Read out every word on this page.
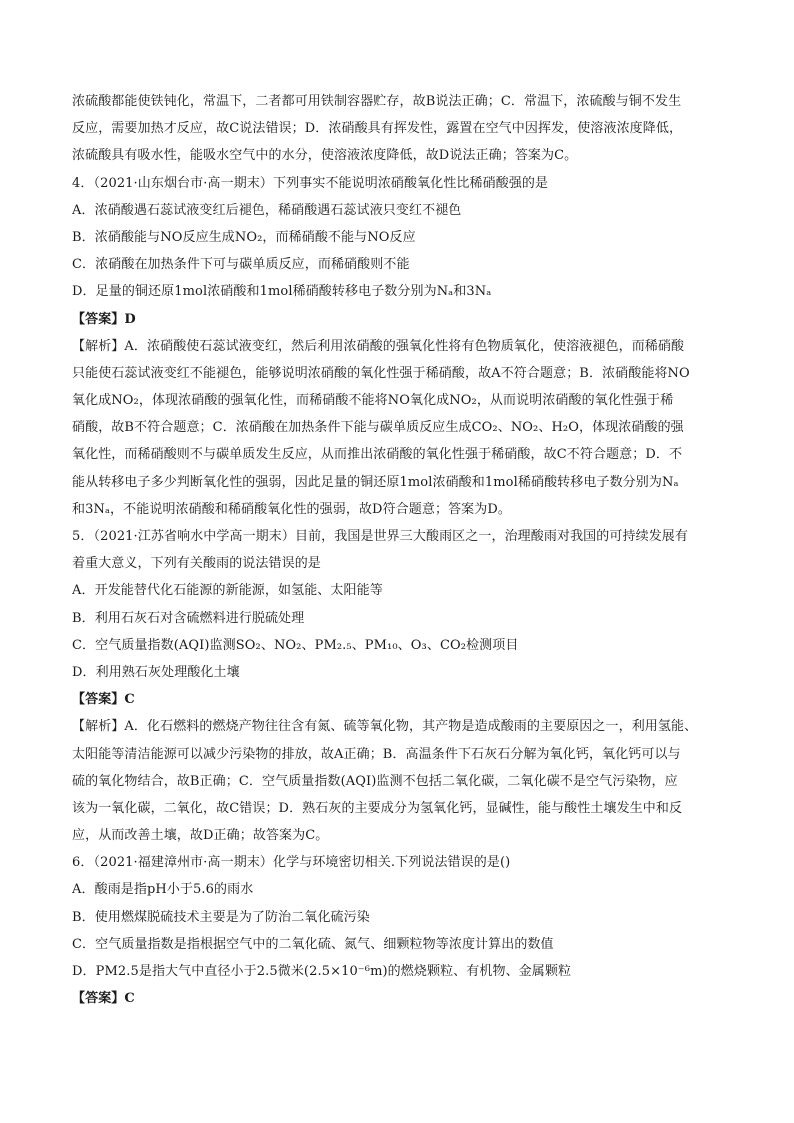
浓硫酸都能使铁钝化，常温下，二者都可用铁制容器贮存，故B说法正确；C．常温下，浓硫酸与铜不发生
反应，需要加热才反应，故C说法错误；D．浓硝酸具有挥发性，露置在空气中因挥发，使溶液浓度降低，
浓硫酸具有吸水性，能吸水空气中的水分，使溶液浓度降低，故D说法正确；答案为C。
4．（2021·山东烟台市·高一期末）下列事实不能说明浓硝酸氧化性比稀硝酸强的是
A．浓硝酸遇石蕊试液变红后褪色，稀硝酸遇石蕊试液只变红不褪色
B．浓硝酸能与NO反应生成NO₂，而稀硝酸不能与NO反应
C．浓硝酸在加热条件下可与碳单质反应，而稀硝酸则不能
D．足量的铜还原1mol浓硝酸和1mol稀硝酸转移电子数分别为Nₐ和3Nₐ
【答案】D
【解析】A．浓硝酸使石蕊试液变红，然后利用浓硝酸的强氧化性将有色物质氧化，使溶液褪色，而稀硝酸
只能使石蕊试液变红不能褪色，能够说明浓硝酸的氧化性强于稀硝酸，故A不符合题意；B．浓硝酸能将NO
氧化成NO₂，体现浓硝酸的强氧化性，而稀硝酸不能将NO氧化成NO₂，从而说明浓硝酸的氧化性强于稀
硝酸，故B不符合题意；C．浓硝酸在加热条件下能与碳单质反应生成CO₂、NO₂、H₂O，体现浓硝酸的强
氧化性，而稀硝酸则不与碳单质发生反应，从而推出浓硝酸的氧化性强于稀硝酸，故C不符合题意；D．不
能从转移电子多少判断氧化性的强弱，因此足量的铜还原1mol浓硝酸和1mol稀硝酸转移电子数分别为Nₐ
和3Nₐ，不能说明浓硝酸和稀硝酸氧化性的强弱，故D符合题意；答案为D。
5．（2021·江苏省响水中学高一期末）目前，我国是世界三大酸雨区之一，治理酸雨对我国的可持续发展有
着重大意义，下列有关酸雨的说法错误的是
A．开发能替代化石能源的新能源，如氢能、太阳能等
B．利用石灰石对含硫燃料进行脱硫处理
C．空气质量指数(AQI)监测SO₂、NO₂、PM₂.₅、PM₁₀、O₃、CO₂检测项目
D．利用熟石灰处理酸化土壤
【答案】C
【解析】A．化石燃料的燃烧产物往往含有氮、硫等氧化物，其产物是造成酸雨的主要原因之一，利用氢能、
太阳能等清洁能源可以减少污染物的排放，故A正确；B．高温条件下石灰石分解为氧化钙，氧化钙可以与
硫的氧化物结合，故B正确；C．空气质量指数(AQI)监测不包括二氧化碳，二氧化碳不是空气污染物，应
该为一氧化碳，二氧化，故C错误；D．熟石灰的主要成分为氢氧化钙，显碱性，能与酸性土壤发生中和反
应，从而改善土壤，故D正确；故答案为C。
6．（2021·福建漳州市·高一期末）化学与环境密切相关.下列说法错误的是()
A．酸雨是指pH小于5.6的雨水
B．使用燃煤脱硫技术主要是为了防治二氧化硫污染
C．空气质量指数是指根据空气中的二氧化硫、氮气、细颗粒物等浓度计算出的数值
D．PM2.5是指大气中直径小于2.5微米(2.5×10⁻⁶m)的燃烧颗粒、有机物、金属颗粒
【答案】C
